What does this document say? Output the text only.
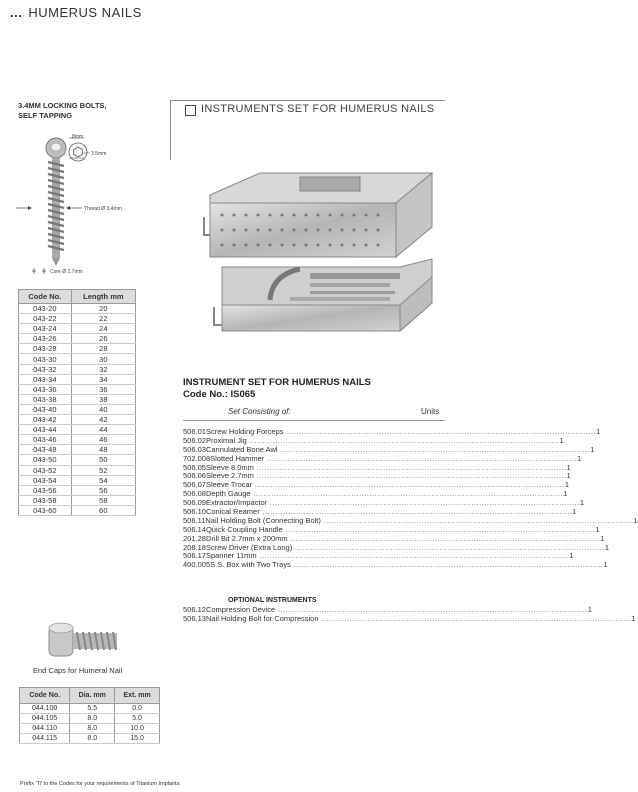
... HUMERUS NAILS
3.4MM LOCKING BOLTS,
SELF TAPPING
8mm
3.5mm
Thread Ø 3.4mm
Core Ø 2.7mm
Code No.	Length mm
043-20	20
043-22	22
043-24	24
043-26	26
043-28	28
043-30	30
043-32	32
043-34	34
043-36	36
043-38	38
043-40	40
043-42	42
043-44	44
043-46	46
043-48	48
043-50	50
043-52	52
043-54	54
043-56	56
043-58	58
043-60	60
End Caps for Humeral Nail
Code No.	Dia. mm	Ext. mm
044.100	5.5	0.0
044.105	8.0	5.0
044.110	8.0	10.0
044.115	8.0	15.0
INSTRUMENTS SET FOR HUMERUS NAILS
INSTRUMENT SET FOR HUMERUS NAILS
Code No.: IS065
Set Consisting of:	Units
506.01 Screw Holding Forceps ........................................................................................................................ 1
506.02 Proximal Jig ........................................................................................................................ 1
506.03 Cannulated Bone Awl ........................................................................................................................ 1
702.008 Slotted Hammer ........................................................................................................................ 1
506.05 Sleeve 8.0mm ........................................................................................................................ 1
506.06 Sleeve 2.7mm ........................................................................................................................ 1
506.07 Sleeve Trocar ........................................................................................................................ 1
506.08 Depth Gauge ........................................................................................................................ 1
506.09 Extractor/Impactor ........................................................................................................................ 1
506.10 Conical Reamer ........................................................................................................................ 1
506.11 Nail Holding Bolt (Connecting Bolt) ........................................................................................................................ 1
506.14 Quick Coupling Handle ........................................................................................................................ 1
201.28 Drill Bit 2.7mm x 200mm ........................................................................................................................ 1
208.18 Screw Driver (Extra Long) ........................................................................................................................ 1
506.17 Spanner 11mm ........................................................................................................................ 1
400.005 S.S. Box with Two Trays ........................................................................................................................ 1
OPTIONAL INSTRUMENTS
506.12 Compression Device ........................................................................................................................ 1
506.13 Nail Holding Bolt for Compression ........................................................................................................................ 1
Prefix 'Ti' to the Codes for your requirements of Titanium Implants.
